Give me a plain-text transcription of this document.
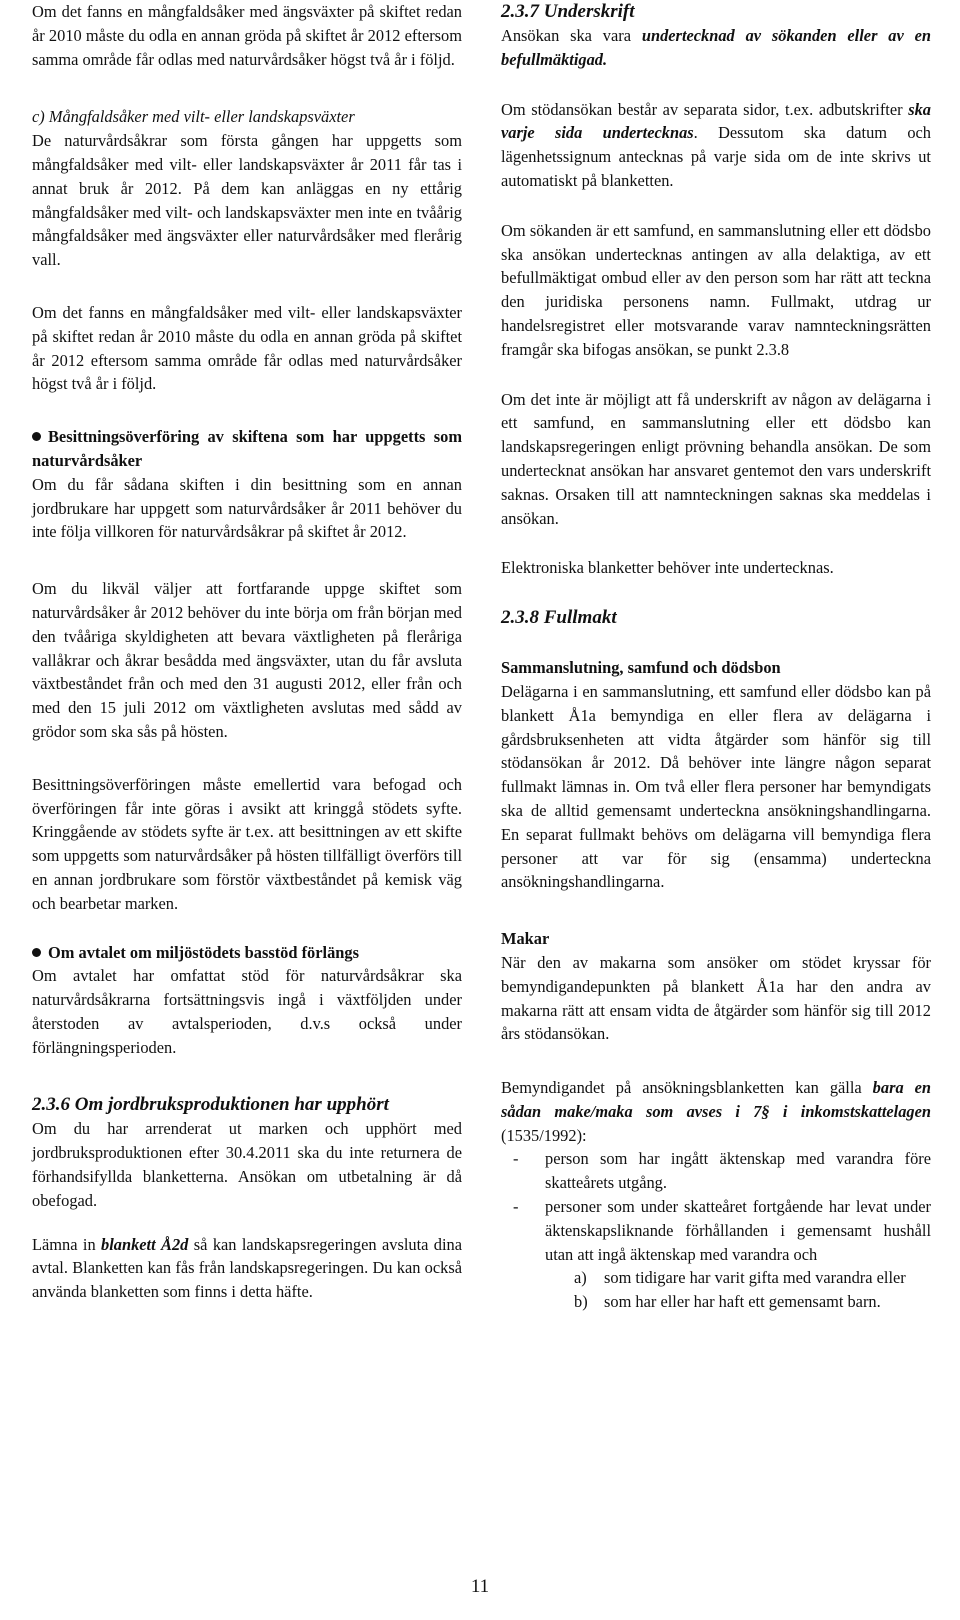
Om det fanns en mångfaldsåker med ängsväxter på skiftet redan år 2010 måste du odla en annan gröda på skiftet år 2012 eftersom samma område får odlas med naturvårdsåker högst två år i följd.

c) Mångfaldsåker med vilt- eller landskapsväxter

De naturvårdsåkrar som första gången har uppgetts som mångfaldsåker med vilt- eller landskapsväxter år 2011 får tas i annat bruk år 2012. På dem kan anläggas en ny ettårig mångfaldsåker med vilt- och landskapsväxter men inte en tvåårig mångfaldsåker med ängsväxter eller naturvårdsåker med flerårig vall.

Om det fanns en mångfaldsåker med vilt- eller landskapsväxter på skiftet redan år 2010 måste du odla en annan gröda på skiftet år 2012 eftersom samma område får odlas med naturvårdsåker högst två år i följd.

Besittningsöverföring av skiftena som har uppgetts som naturvårdsåker

Om du får sådana skiften i din besittning som en annan jordbrukare har uppgett som naturvårdsåker år 2011 behöver du inte följa villkoren för naturvårdsåkrar på skiftet år 2012.

Om du likväl väljer att fortfarande uppge skiftet som naturvårdsåker år 2012 behöver du inte börja om från början med den tvååriga skyldigheten att bevara växtligheten på fleråriga vallåkrar och åkrar besådda med ängsväxter, utan du får avsluta växtbeståndet från och med den 31 augusti 2012, eller från och med den 15 juli 2012 om växtligheten avslutas med sådd av grödor som ska sås på hösten.

Besittningsöverföringen måste emellertid vara befogad och överföringen får inte göras i avsikt att kringgå stödets syfte. Kringgående av stödets syfte är t.ex. att besittningen av ett skifte som uppgetts som naturvårdsåker på hösten tillfälligt överförs till en annan jordbrukare som förstör växtbeståndet på kemisk väg och bearbetar marken.

Om avtalet om miljöstödets basstöd förlängs

Om avtalet har omfattat stöd för naturvårdsåkrar ska naturvårdsåkrarna fortsättningsvis ingå i växtföljden under återstoden av avtalsperioden, d.v.s också under förlängningsperioden.

2.3.6 Om jordbruksproduktionen har upphört

Om du har arrenderat ut marken och upphört med jordbruksproduktionen efter 30.4.2011 ska du inte returnera de förhandsifyllda blanketterna. Ansökan om utbetalning är då obefogad.

Lämna in blankett Å2d så kan landskapsregeringen avsluta dina avtal. Blanketten kan fås från landskapsregeringen. Du kan också använda blanketten som finns i detta häfte.

2.3.7 Underskrift

Ansökan ska vara undertecknad av sökanden eller av en befullmäktigad.

Om stödansökan består av separata sidor, t.ex. adbutskrifter ska varje sida undertecknas. Dessutom ska datum och lägenhetssignum antecknas på varje sida om de inte skrivs ut automatiskt på blanketten.

Om sökanden är ett samfund, en sammanslutning eller ett dödsbo ska ansökan undertecknas antingen av alla delaktiga, av ett befullmäktigat ombud eller av den person som har rätt att teckna den juridiska personens namn. Fullmakt, utdrag ur handelsregistret eller motsvarande varav namnteckningsrätten framgår ska bifogas ansökan, se punkt 2.3.8

Om det inte är möjligt att få underskrift av någon av delägarna i ett samfund, en sammanslutning eller ett dödsbo kan landskapsregeringen enligt prövning behandla ansökan. De som undertecknat ansökan har ansvaret gentemot den vars underskrift saknas. Orsaken till att namnteckningen saknas ska meddelas i ansökan.

Elektroniska blanketter behöver inte undertecknas.

2.3.8 Fullmakt

Sammanslutning, samfund och dödsbon

Delägarna i en sammanslutning, ett samfund eller dödsbo kan på blankett Å1a bemyndiga en eller flera av delägarna i gårdsbruksenheten att vidta åtgärder som hänför sig till stödansökan år 2012. Då behöver inte längre någon separat fullmakt lämnas in. Om två eller flera personer har bemyndigats ska de alltid gemensamt underteckna ansökningshandlingarna. En separat fullmakt behövs om delägarna vill bemyndiga flera personer att var för sig (ensamma) underteckna ansökningshandlingarna.

Makar

När den av makarna som ansöker om stödet kryssar för bemyndigandepunkten på blankett Å1a har den andra av makarna rätt att ensam vidta de åtgärder som hänför sig till 2012 års stödansökan.

Bemyndigandet på ansökningsblanketten kan gälla bara en sådan make/maka som avses i 7§ i inkomstskattelagen (1535/1992):

- person som har ingått äktenskap med varandra före skatteårets utgång.
- personer som under skatteåret fortgående har levat under äktenskapsliknande förhållanden i gemensamt hushåll utan att ingå äktenskap med varandra och
a) som tidigare har varit gifta med varandra eller
b) som har eller har haft ett gemensamt barn.
11
